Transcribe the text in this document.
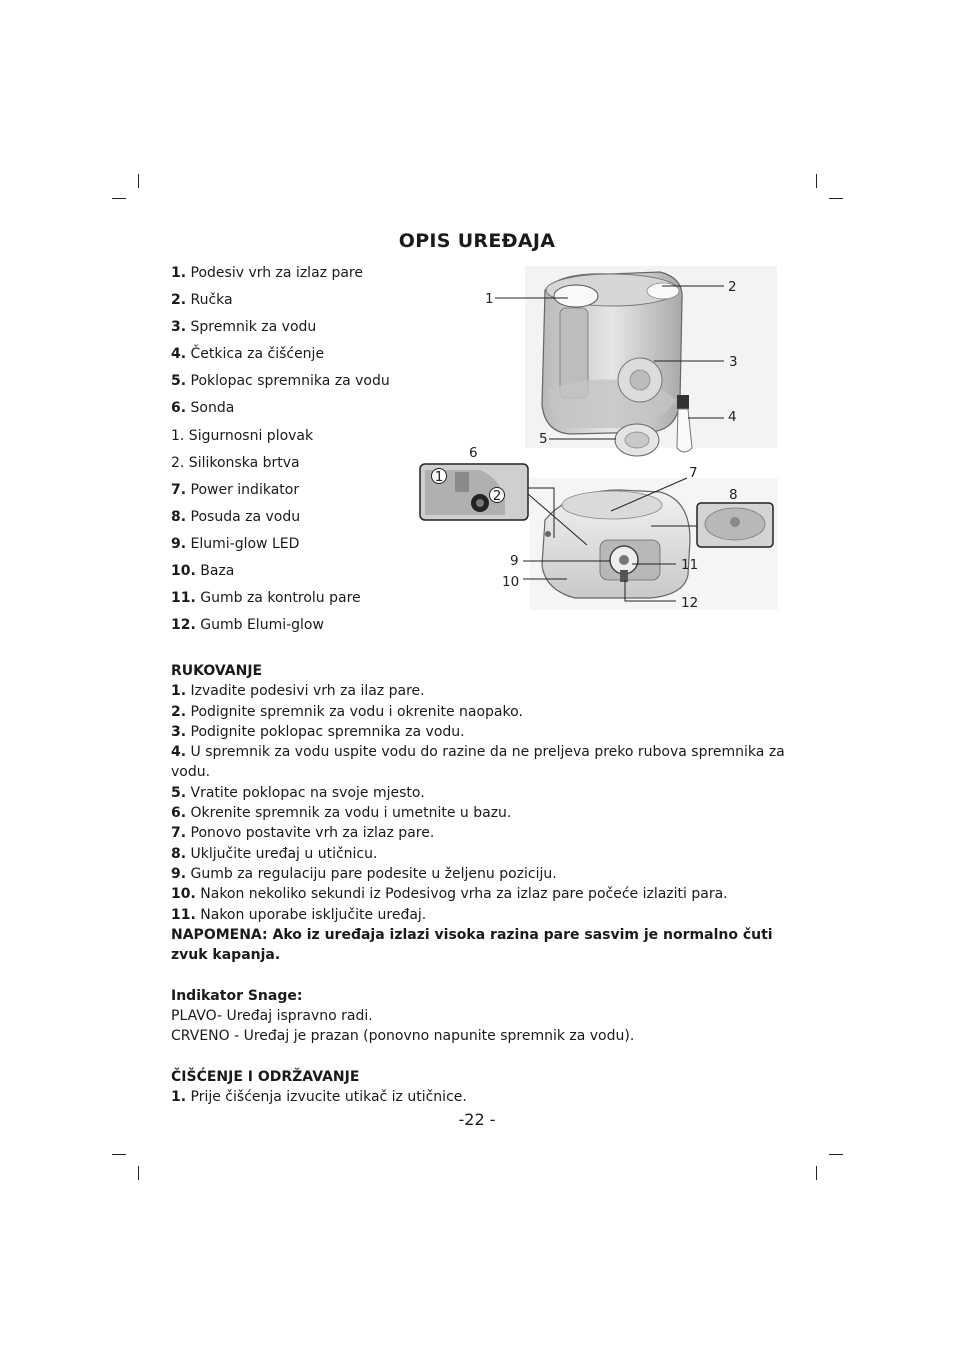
OPIS UREĐAJA
1. Podesiv vrh za izlaz pare
2. Ručka
3. Spremnik za vodu
4. Četkica za čišćenje
5. Poklopac spremnika za vodu
6. Sonda
1. Sigurnosni plovak
2. Silikonska brtva
7. Power indikator
8. Posuda za vodu
9. Elumi-glow LED
10. Baza
11. Gumb za kontrolu pare
12. Gumb Elumi-glow
1
2
1
2
3
4
5
6
7
8
9
10
11
12

RUKOVANJE

1. Izvadite podesivi vrh za ilaz pare.

2. Podignite spremnik za vodu i okrenite naopako.

3. Podignite poklopac spremnika za vodu.

4. U spremnik za vodu uspite vodu do razine da ne preljeva preko rubova spremnika za vodu.

5. Vratite poklopac na svoje mjesto.

6. Okrenite spremnik za vodu i umetnite u bazu.

7. Ponovo postavite vrh za izlaz pare.

8. Uključite uređaj u utičnicu.

9. Gumb za regulaciju pare podesite u željenu poziciju.

10. Nakon nekoliko sekundi iz Podesivog vrha za izlaz pare počeće izlaziti para.

11. Nakon uporabe isključite uređaj.

NAPOMENA: Ako iz uređaja izlazi visoka razina pare sasvim je normalno čuti zvuk kapanja.

Indikator Snage:

PLAVO- Uređaj ispravno radi.

CRVENO - Uređaj je prazan (ponovno napunite spremnik za vodu).

ČIŠĆENJE I ODRŽAVANJE

1. Prije čišćenja izvucite utikač iz utičnice.

-22 -
